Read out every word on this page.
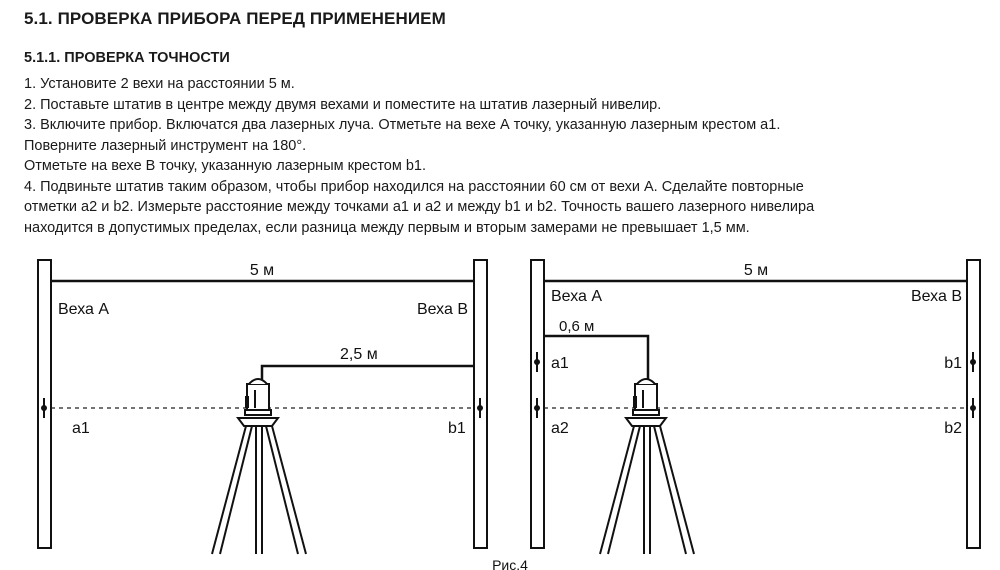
5.1. ПРОВЕРКА ПРИБОРА ПЕРЕД ПРИМЕНЕНИЕМ
5.1.1. ПРОВЕРКА ТОЧНОСТИ

1. Установите 2 вехи на расстоянии 5 м.

2. Поставьте штатив в центре между двумя вехами и поместите на штатив лазерный нивелир.

3. Включите прибор. Включатся два лазерных луча. Отметьте на вехе А точку, указанную лазерным крестом а1.

Поверните лазерный инструмент на 180°.

Отметьте на вехе В точку, указанную лазерным крестом b1.

4. Подвиньте штатив таким образом, чтобы прибор находился на расстоянии 60 см от вехи А. Сделайте повторные

отметки а2 и b2. Измерьте расстояние между точками а1 и а2 и между b1 и b2. Точность вашего лазерного нивелира

находится в допустимых пределах, если разница между первым и вторым замерами не превышает 1,5 мм.

5 м
Веха А	Веха В
2,5 м
а1	b1
5 м
Веха А	Веха В
0,6 м
а1	b1
а2	b2
Рис.4
